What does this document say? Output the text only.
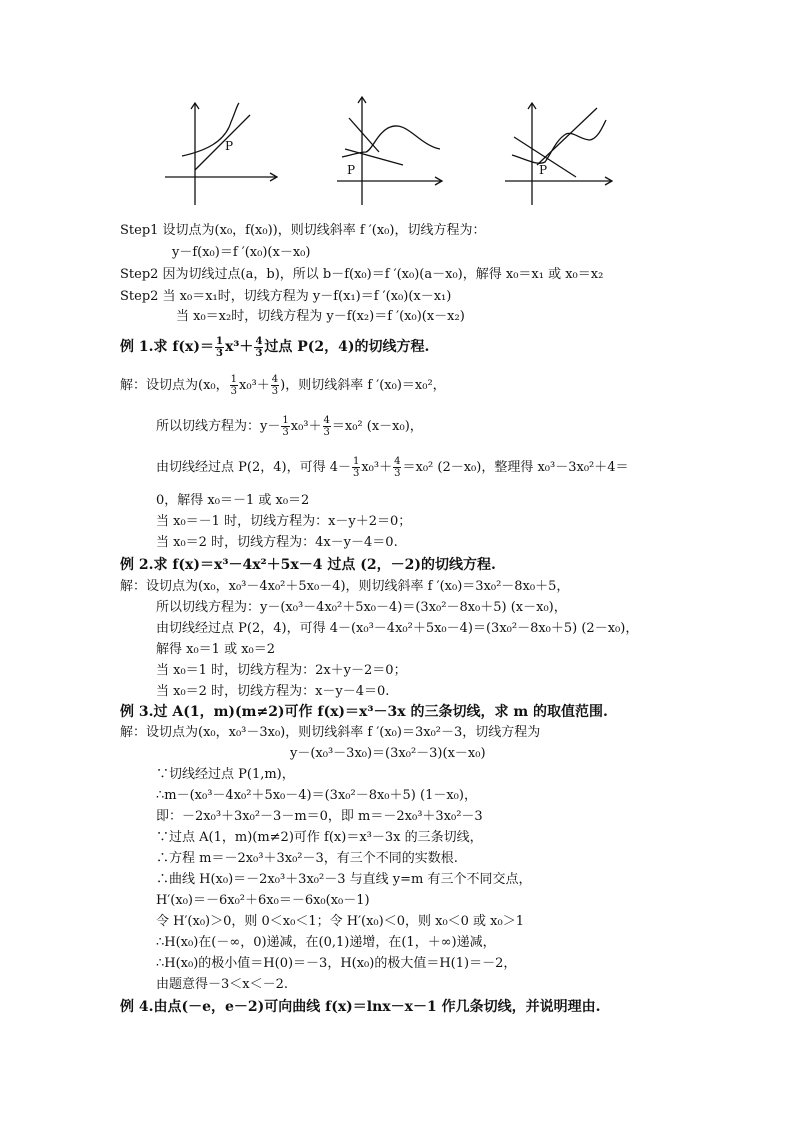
P
P	P
Step1 设切点为(x₀，f(x₀))，则切线斜率 f ′(x₀)，切线方程为：
y－f(x₀)＝f ′(x₀)(x－x₀)
Step2 因为切线过点(a，b)，所以 b－f(x₀)＝f ′(x₀)(a－x₀)，解得 x₀＝x₁ 或 x₀＝x₂
Step2 当 x₀＝x₁时，切线方程为 y－f(x₁)＝f ′(x₀)(x－x₁)
当 x₀＝x₂时，切线方程为 y－f(x₂)＝f ′(x₀)(x－x₂)
例 1.求 $f(x)= \frac{1}{3} x^3+ \frac{4}{3}$ 过点 P(2，4)的切线方程.
解：设切点为(x₀， $\frac{1}{3} x_0^3+ \frac{4}{3}$ )，则切线斜率 f ′(x₀)＝x₀²，
所以切线方程为：$y- \frac{1}{3} x_0^3+ \frac{4}{3} =x_0^2$ (x－x₀)，
由切线经过点 P(2，4)，可得 $4- \frac{1}{3} x_0^3+ \frac{4}{3} =x_0^2$ (2－x₀)，整理得 x₀³－3x₀²＋4＝
0，解得 x₀＝－1 或 x₀＝2
当 x₀＝－1 时，切线方程为：x－y＋2＝0；
当 x₀＝2 时，切线方程为：4x－y－4＝0.
例 2.求 f(x)＝x³－4x²＋5x－4 过点 (2，－2)的切线方程.
解：设切点为(x₀，x₀³－4x₀²＋5x₀－4)，则切线斜率 f ′(x₀)＝3x₀²－8x₀＋5，
所以切线方程为：y－(x₀³－4x₀²＋5x₀－4)＝(3x₀²－8x₀＋5) (x－x₀)，
由切线经过点 P(2，4)，可得 4－(x₀³－4x₀²＋5x₀－4)＝(3x₀²－8x₀＋5) (2－x₀)，
解得 x₀＝1 或 x₀＝2
当 x₀＝1 时，切线方程为：2x＋y－2＝0；
当 x₀＝2 时，切线方程为：x－y－4＝0.
例 3.过 A(1，m)(m≠2)可作 f(x)＝x³－3x 的三条切线，求 m 的取值范围.
解：设切点为(x₀，x₀³－3x₀)，则切线斜率 f ′(x₀)＝3x₀²－3，切线方程为
y－(x₀³－3x₀)＝(3x₀²－3)(x－x₀)
∵切线经过点 P(1,m)，
∴m－(x₀³－4x₀²＋5x₀－4)＝(3x₀²－8x₀＋5) (1－x₀)，
即：－2x₀³＋3x₀²－3－m＝0，即 m＝－2x₀³＋3x₀²－3
∵过点 A(1，m)(m≠2)可作 f(x)＝x³－3x 的三条切线，
∴方程 m＝－2x₀³＋3x₀²－3，有三个不同的实数根.
∴曲线 H(x₀)＝－2x₀³＋3x₀²－3 与直线 y=m 有三个不同交点，
H′(x₀)＝－6x₀²＋6x₀＝－6x₀(x₀－1)
令 H′(x₀)＞0，则 0＜x₀＜1；令 H′(x₀)＜0，则 x₀＜0 或 x₀＞1
∴H(x₀)在(－∞，0)递减，在(0,1)递增，在(1，＋∞)递减，
∴H(x₀)的极小值＝H(0)＝－3，H(x₀)的极大值＝H(1)＝－2，
由题意得－3＜x＜－2.
例 4.由点(－e，e－2)可向曲线 f(x)＝lnx－x－1 作几条切线，并说明理由.
